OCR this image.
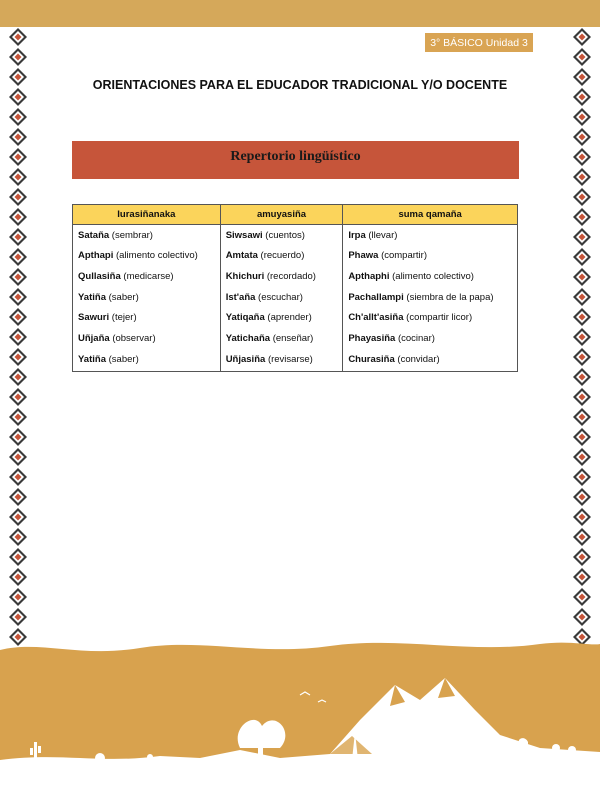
3° BÁSICO Unidad 3
ORIENTACIONES PARA EL EDUCADOR TRADICIONAL Y/O DOCENTE
Repertorio lingüístico
Iurasiñanaka	amuyasiña	suma qamaña
Sataña (sembrar)	Siwsawi (cuentos)	Irpa (llevar)
Apthapi (alimento colectivo)	Amtata (recuerdo)	Phawa (compartir)
Qullasiña (medicarse)	Khichuri (recordado)	Apthaphi (alimento colectivo)
Yatiña (saber)	Ist'aña (escuchar)	Pachallampi (siembra de la papa)
Sawuri (tejer)	Yatiqaña (aprender)	Ch'allt'asiña (compartir licor)
Uñjaña (observar)	Yatichaña (enseñar)	Phayasiña (cocinar)
Yatiña (saber)	Uñjasiña (revisarse)	Churasiña (convidar)
